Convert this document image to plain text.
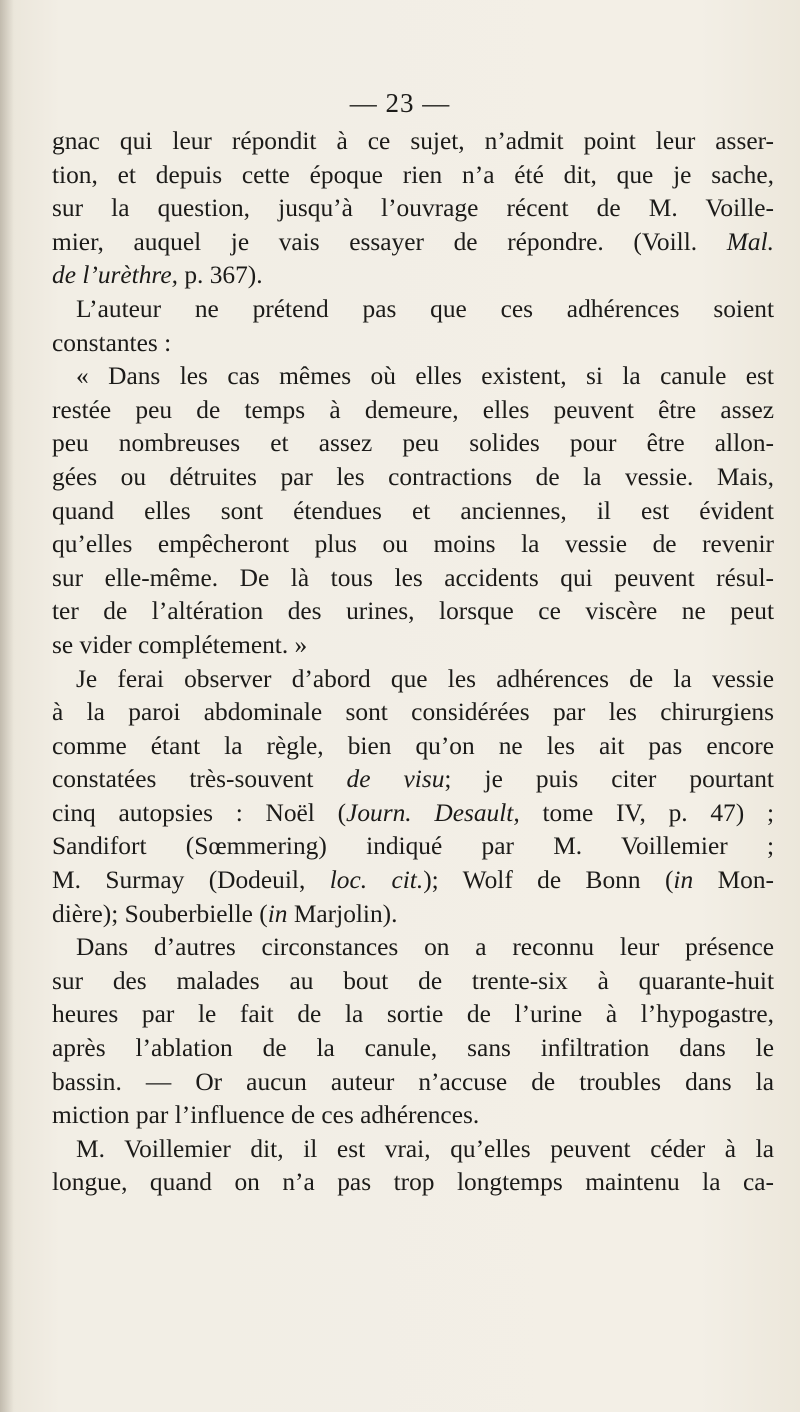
— 23 —
gnac qui leur répondit à ce sujet, n’admit point leur asser-
tion, et depuis cette époque rien n’a été dit, que je sache,
sur la question, jusqu’à l’ouvrage récent de M. Voille-
mier, auquel je vais essayer de répondre. (Voill. Mal.
de l’urèthre, p. 367).
L’auteur ne prétend pas que ces adhérences soient
constantes :
« Dans les cas mêmes où elles existent, si la canule est
restée peu de temps à demeure, elles peuvent être assez
peu nombreuses et assez peu solides pour être allon-
gées ou détruites par les contractions de la vessie. Mais,
quand elles sont étendues et anciennes, il est évident
qu’elles empêcheront plus ou moins la vessie de revenir
sur elle-même. De là tous les accidents qui peuvent résul-
ter de l’altération des urines, lorsque ce viscère ne peut
se vider complétement. »
Je ferai observer d’abord que les adhérences de la vessie
à la paroi abdominale sont considérées par les chirurgiens
comme étant la règle, bien qu’on ne les ait pas encore
constatées très-souvent de visu; je puis citer pourtant
cinq autopsies : Noël (Journ. Desault, tome IV, p. 47) ;
Sandifort (Sœmmering) indiqué par M. Voillemier ;
M. Surmay (Dodeuil, loc. cit.); Wolf de Bonn (in Mon-
dière); Souberbielle (in Marjolin).
Dans d’autres circonstances on a reconnu leur présence
sur des malades au bout de trente-six à quarante-huit
heures par le fait de la sortie de l’urine à l’hypogastre,
après l’ablation de la canule, sans infiltration dans le
bassin. — Or aucun auteur n’accuse de troubles dans la
miction par l’influence de ces adhérences.
M. Voillemier dit, il est vrai, qu’elles peuvent céder à la
longue, quand on n’a pas trop longtemps maintenu la ca-
